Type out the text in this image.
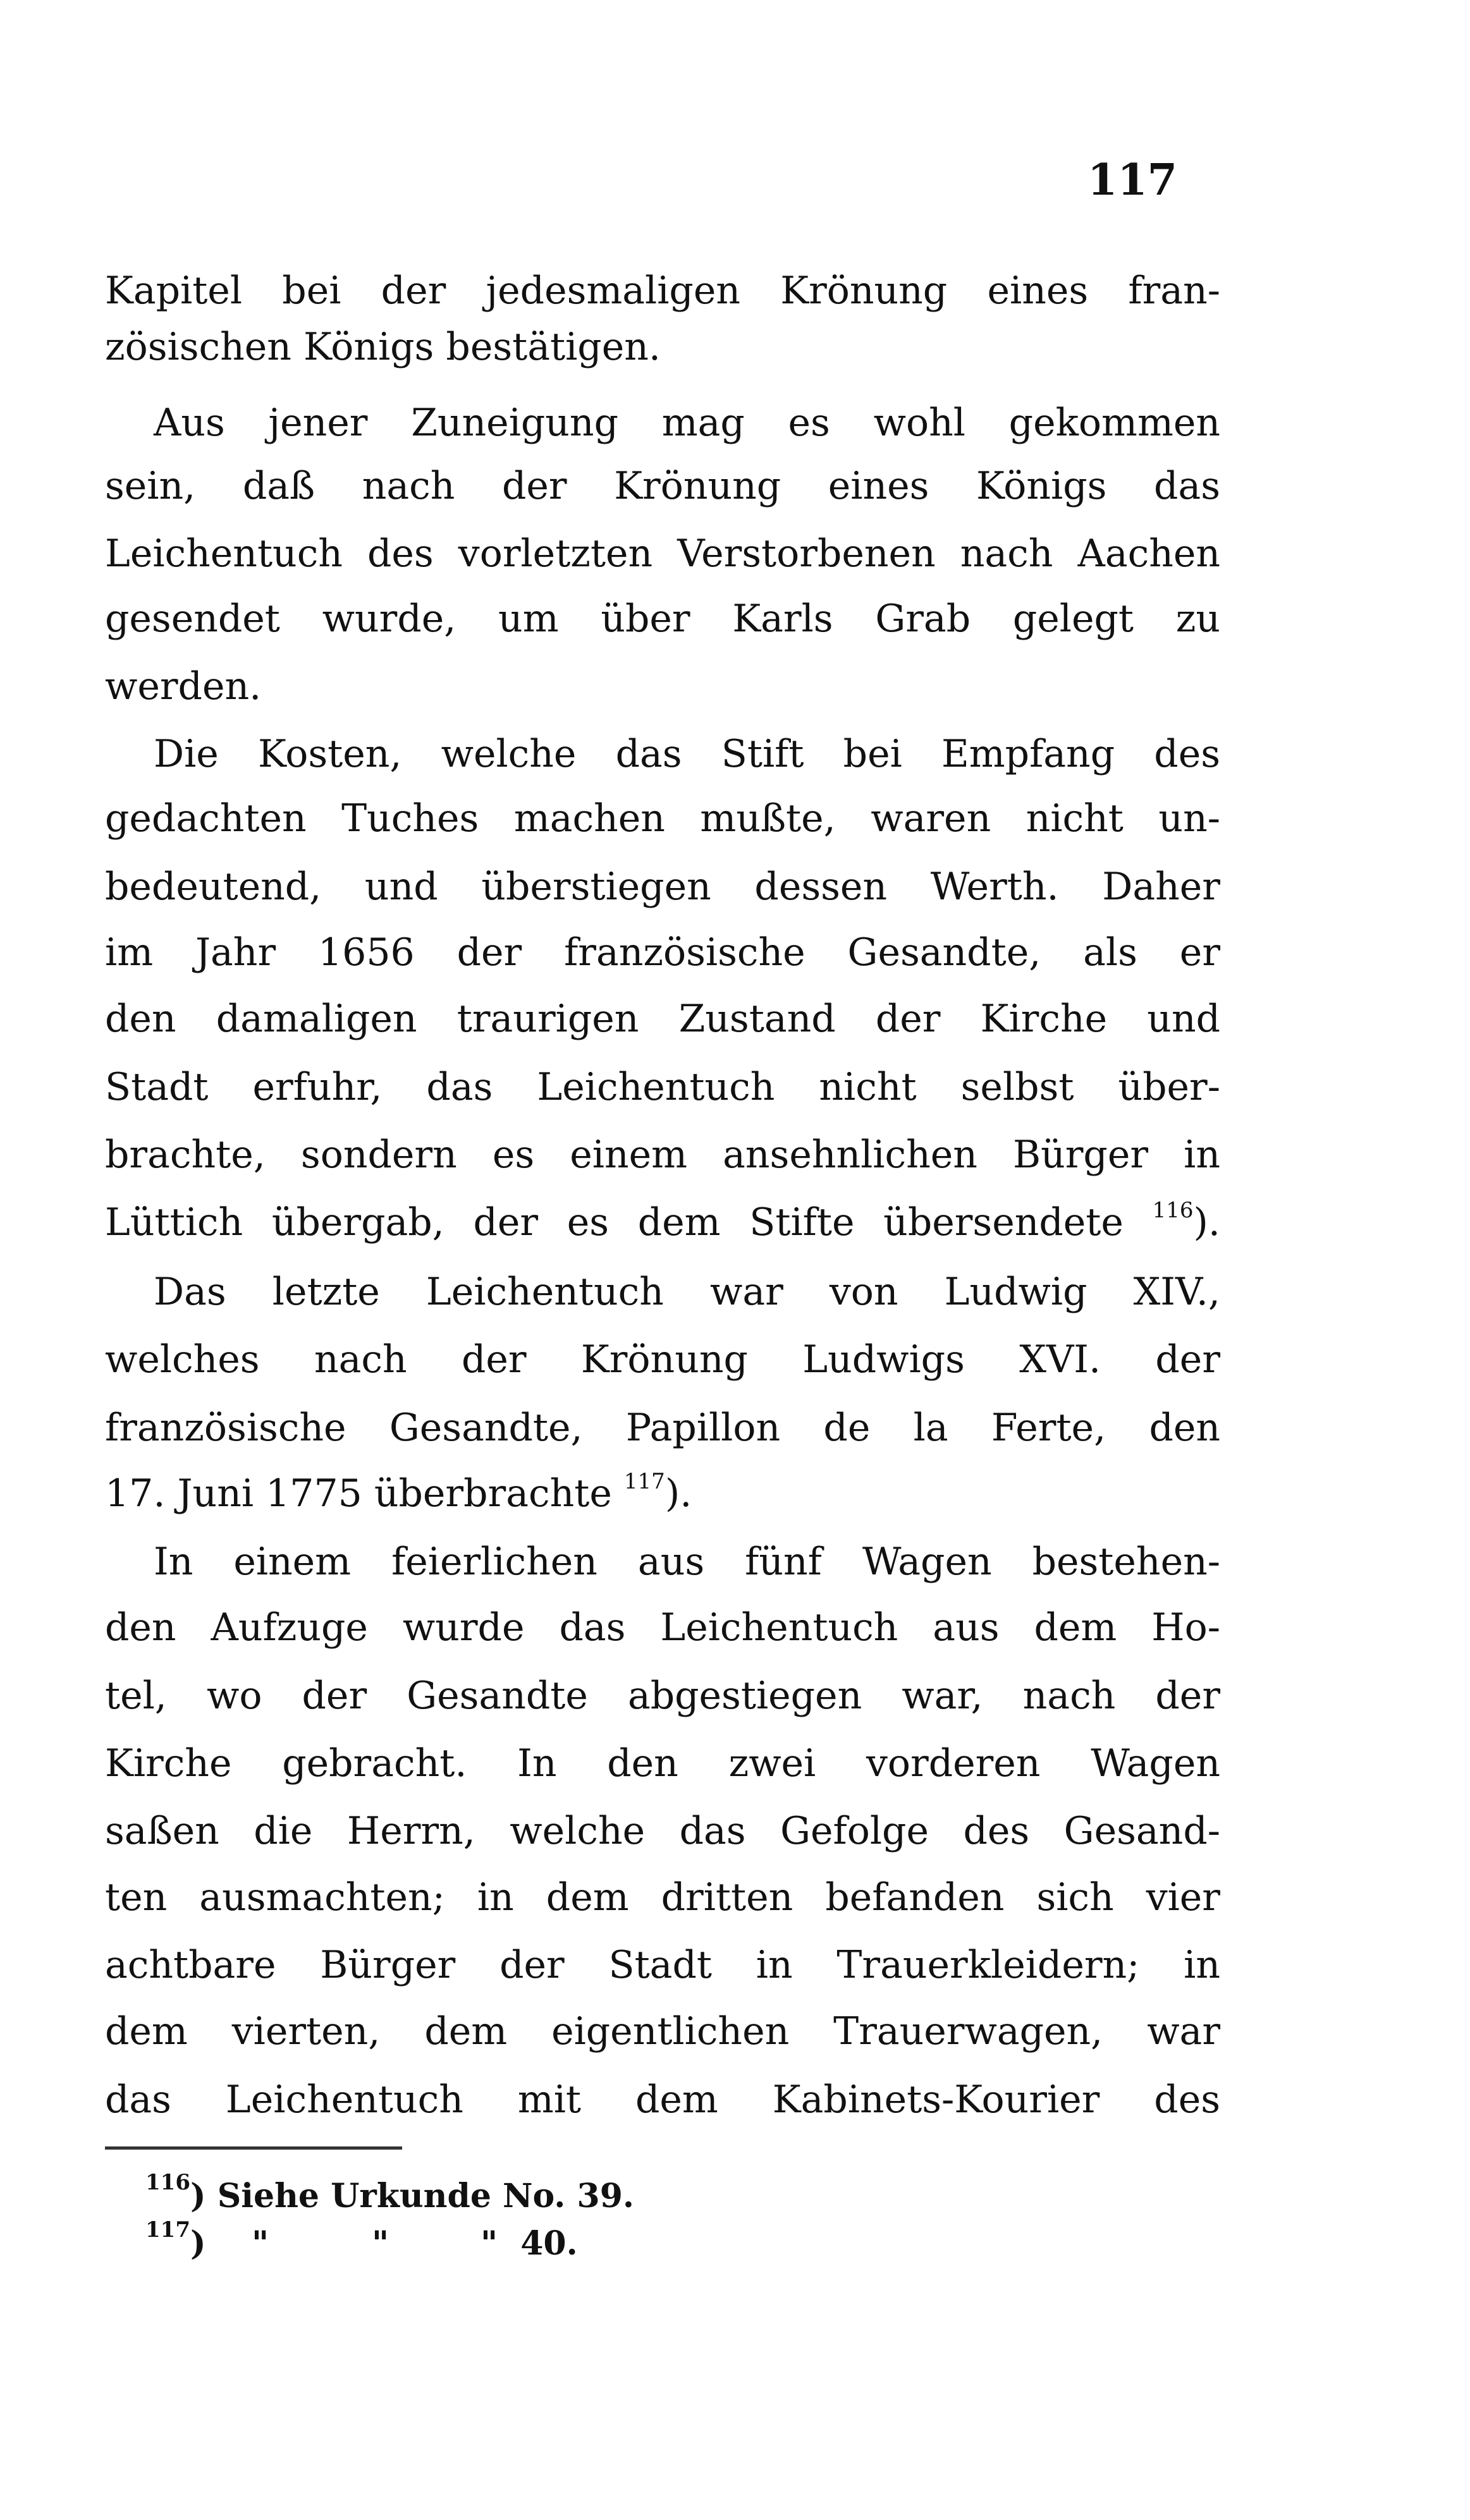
117
Kapitel bei der jedesmaligen Krönung eines fran-
zösischen Königs bestätigen.
Aus jener Zuneigung mag es wohl gekommen
sein, daß nach der Krönung eines Königs das
Leichentuch des vorletzten Verstorbenen nach Aachen
gesendet wurde, um über Karls Grab gelegt zu
werden.
Die Kosten, welche das Stift bei Empfang des
gedachten Tuches machen mußte, waren nicht un-
bedeutend, und überstiegen dessen Werth. Daher
im Jahr 1656 der französische Gesandte, als er
den damaligen traurigen Zustand der Kirche und
Stadt erfuhr, das Leichentuch nicht selbst über-
brachte, sondern es einem ansehnlichen Bürger in
Lüttich übergab, der es dem Stifte übersendete $^{116}$).
Das letzte Leichentuch war von Ludwig XIV.,
welches nach der Krönung Ludwigs XVI. der
französische Gesandte, Papillon de la Ferte, den
17. Juni 1775 überbrachte $^{117}$).
In einem feierlichen aus fünf Wagen bestehen-
den Aufzuge wurde das Leichentuch aus dem Ho-
tel, wo der Gesandte abgestiegen war, nach der
Kirche gebracht. In den zwei vorderen Wagen
saßen die Herrn, welche das Gefolge des Gesand-
ten ausmachten; in dem dritten befanden sich vier
achtbare Bürger der Stadt in Trauerkleidern; in
dem vierten, dem eigentlichen Trauerwagen, war
das Leichentuch mit dem Kabinets-Kourier des
$^{116}$) Siehe Urkunde No. 39.
$^{117}$)    "         "        "  40.
